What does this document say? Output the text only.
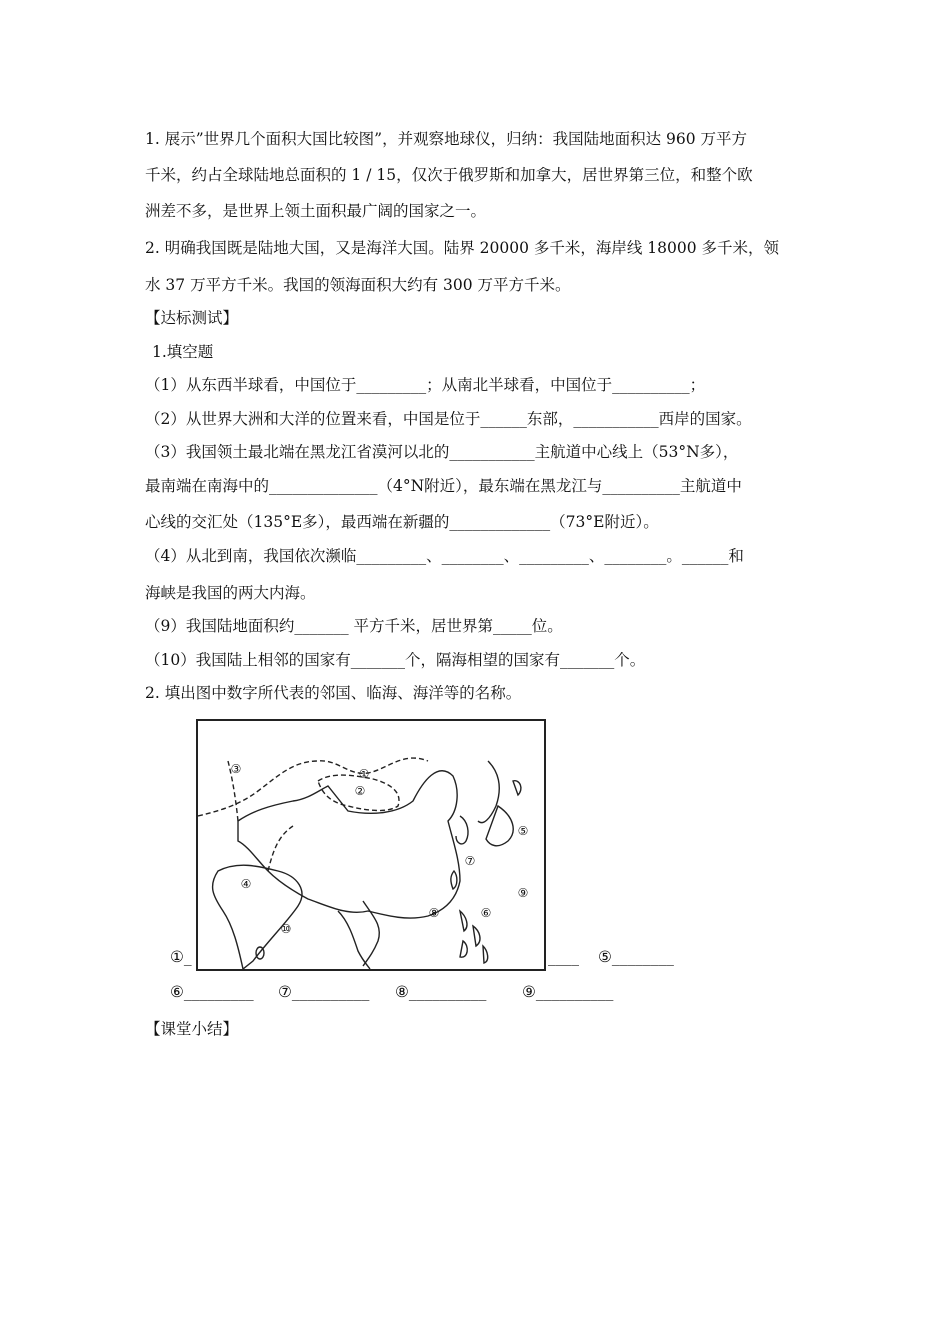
1. 展示”世界几个面积大国比较图”，并观察地球仪，归纳：我国陆地面积达 960 万平方
千米，约占全球陆地总面积的 1 / 15，仅次于俄罗斯和加拿大，居世界第三位，和整个欧
洲差不多，是世界上领土面积最广阔的国家之一。
2. 明确我国既是陆地大国，又是海洋大国。陆界 20000 多千米，海岸线 18000 多千米，领
水 37 万平方千米。我国的领海面积大约有 300 万平方千米。
【达标测试】
1.填空题
（1）从东西半球看，中国位于_________；从南北半球看，中国位于__________；
（2）从世界大洲和大洋的位置来看，中国是位于______东部，___________西岸的国家。
（3）我国领土最北端在黑龙江省漠河以北的___________主航道中心线上（53°N多），
最南端在南海中的______________（4°N附近），最东端在黑龙江与__________主航道中
心线的交汇处（135°E多），最西端在新疆的_____________（73°E附近）。
（4）从北到南，我国依次濒临_________、________、_________、________。______和
海峡是我国的两大内海。
（9）我国陆地面积约_______ 平方千米，居世界第_____位。
（10）我国陆上相邻的国家有_______个，隔海相望的国家有_______个。
2. 填出图中数字所代表的邻国、临海、海洋等的名称。
①
②
③
④
⑤
⑥
⑦
⑧
⑨
⑩
①_	____ ⑤________
⑥_________ ⑦__________ ⑧__________ ⑨__________
【课堂小结】
